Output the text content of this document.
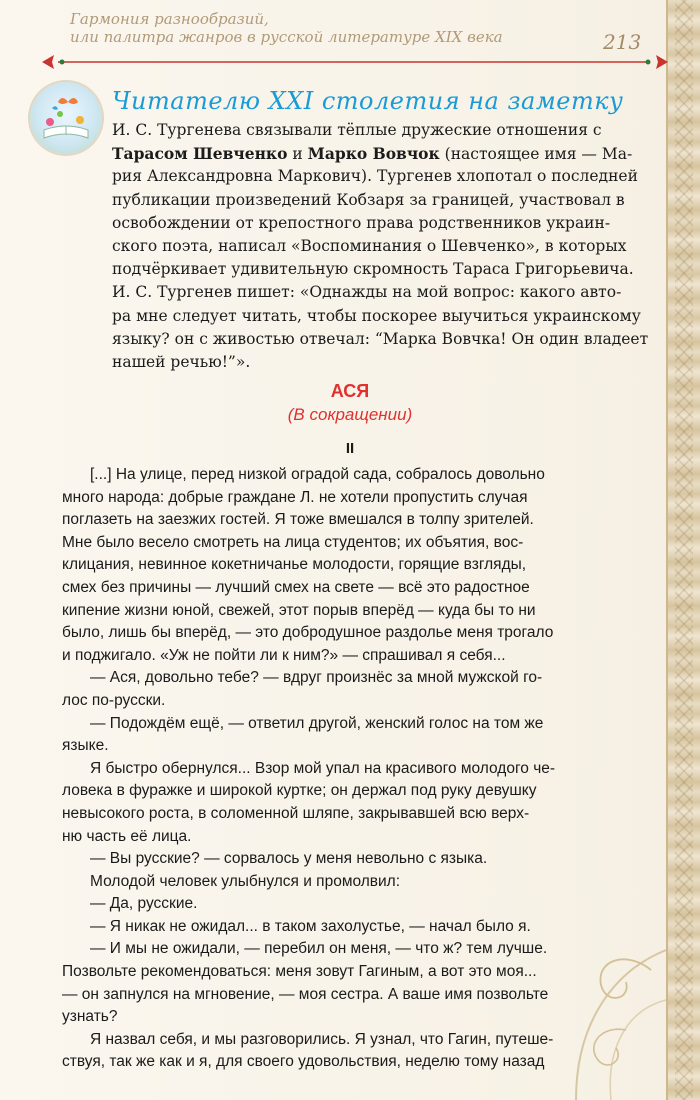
Гармония разнообразий,
или палитра жанров в русской литературе XIX века	213
Читателю XXI столетия на заметку
И. С. Тургенева связывали тёплые дружеские отношения с
Тарасом Шевченко и Марко Вовчок (настоящее имя — Ма-
рия Александровна Маркович). Тургенев хлопотал о последней
публикации произведений Кобзаря за границей, участвовал в
освобождении от крепостного права родственников украин-
ского поэта, написал «Воспоминания о Шевченко», в которых
подчёркивает удивительную скромность Тараса Григорьевича.
И. С. Тургенев пишет: «Однажды на мой вопрос: какого авто-
ра мне следует читать, чтобы поскорее выучиться украинскому
языку? он с живостью отвечал: “Марка Вовчка! Он один владеет
нашей речью!”».
АСЯ
(В сокращении)
II
[...] На улице, перед низкой оградой сада, собралось довольно
много народа: добрые граждане Л. не хотели пропустить случая
поглазеть на заезжих гостей. Я тоже вмешался в толпу зрителей.
Мне было весело смотреть на лица студентов; их объятия, вос-
клицания, невинное кокетничанье молодости, горящие взгляды,
смех без причины — лучший смех на свете — всё это радостное
кипение жизни юной, свежей, этот порыв вперёд — куда бы то ни
было, лишь бы вперёд, — это добродушное раздолье меня трогало
и поджигало. «Уж не пойти ли к ним?» — спрашивал я себя...
— Ася, довольно тебе? — вдруг произнёс за мной мужской го-
лос по-русски.
— Подождём ещё, — ответил другой, женский голос на том же
языке.
Я быстро обернулся... Взор мой упал на красивого молодого че-
ловека в фуражке и широкой куртке; он держал под руку девушку
невысокого роста, в соломенной шляпе, закрывавшей всю верх-
ню часть её лица.
— Вы русские? — сорвалось у меня невольно с языка.
Молодой человек улыбнулся и промолвил:
— Да, русские.
— Я никак не ожидал... в таком захолустье, — начал было я.
— И мы не ожидали, — перебил он меня, — что ж? тем лучше.
Позвольте рекомендоваться: меня зовут Гагиным, а вот это моя...
— он запнулся на мгновение, — моя сестра. А ваше имя позвольте
узнать?
Я назвал себя, и мы разговорились. Я узнал, что Гагин, путеше-
ствуя, так же как и я, для своего удовольствия, неделю тому назад
